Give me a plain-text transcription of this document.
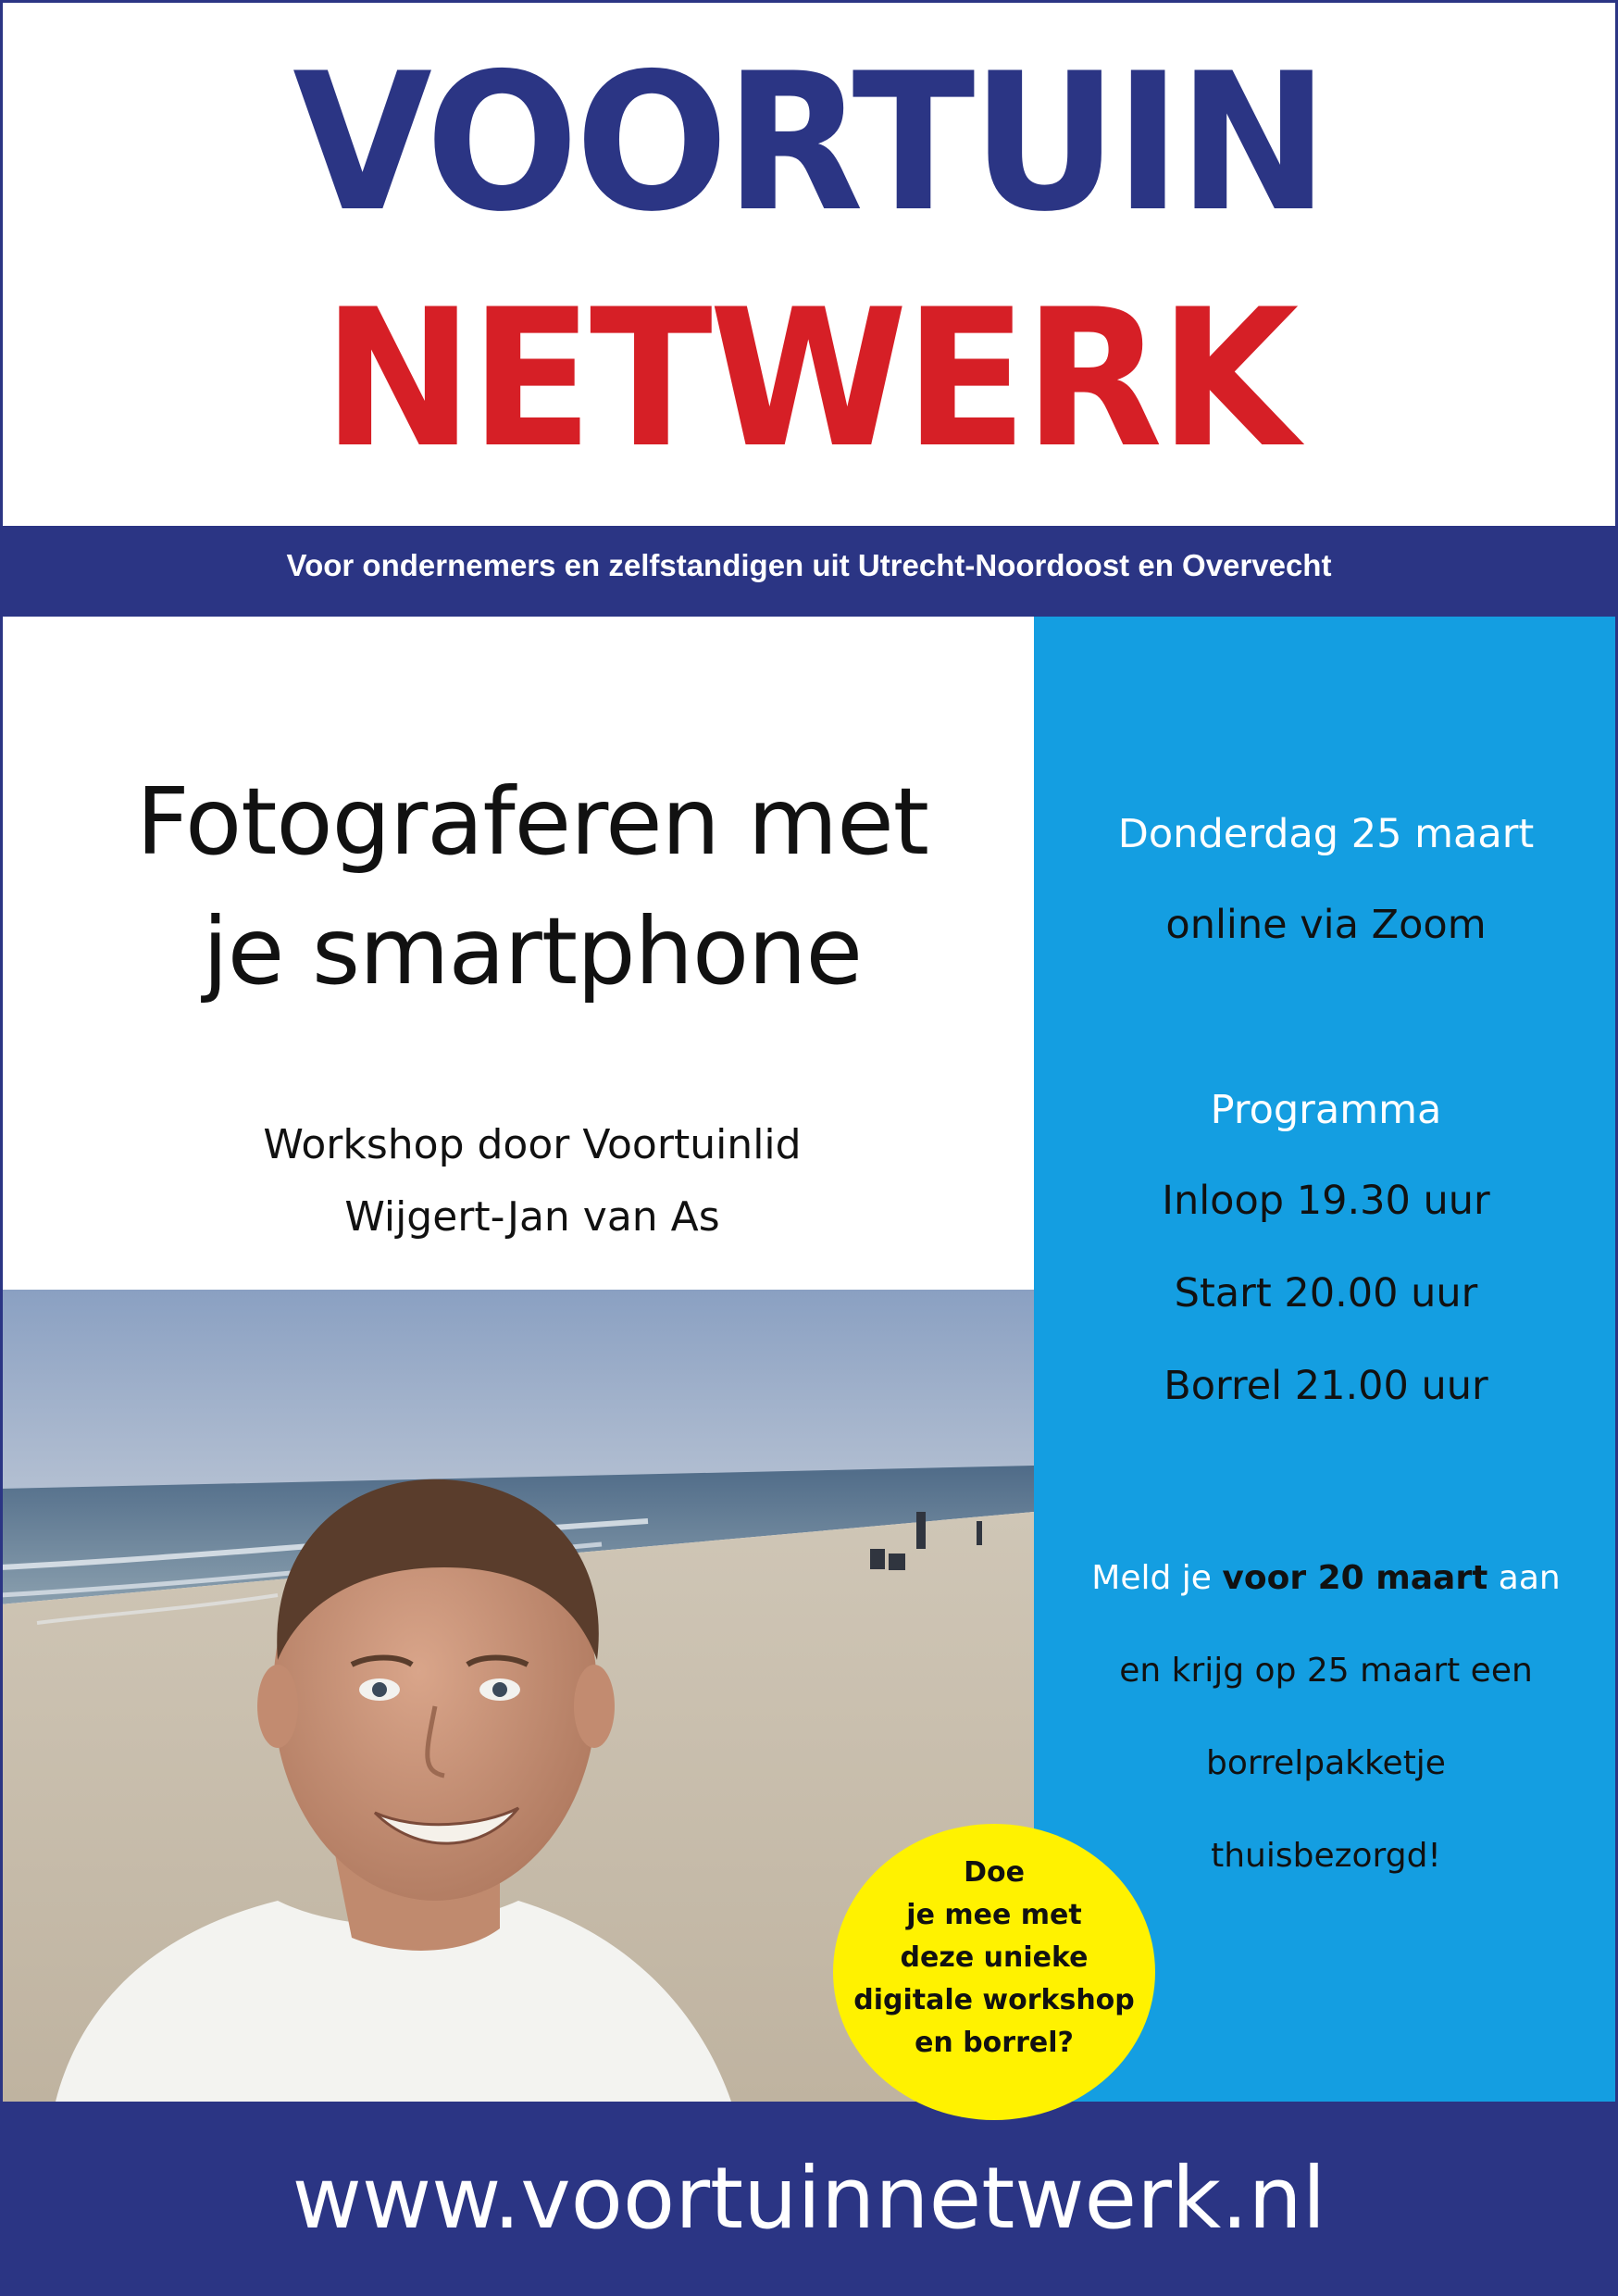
VOORTUIN
NETWERK
Voor ondernemers en zelfstandigen uit Utrecht-Noordoost en Overvecht
Fotograferen met
je smartphone
Workshop door Voortuinlid
Wijgert-Jan van As
Donderdag 25 maart
online via Zoom
Programma
Inloop 19.30 uur
Start 20.00 uur
Borrel 21.00 uur
Meld je voor 20 maart aan
en krijg op 25 maart een
borrelpakketje
thuisbezorgd!
Doe
je mee met
deze unieke
digitale workshop
en borrel?
www.voortuinnetwerk.nl
